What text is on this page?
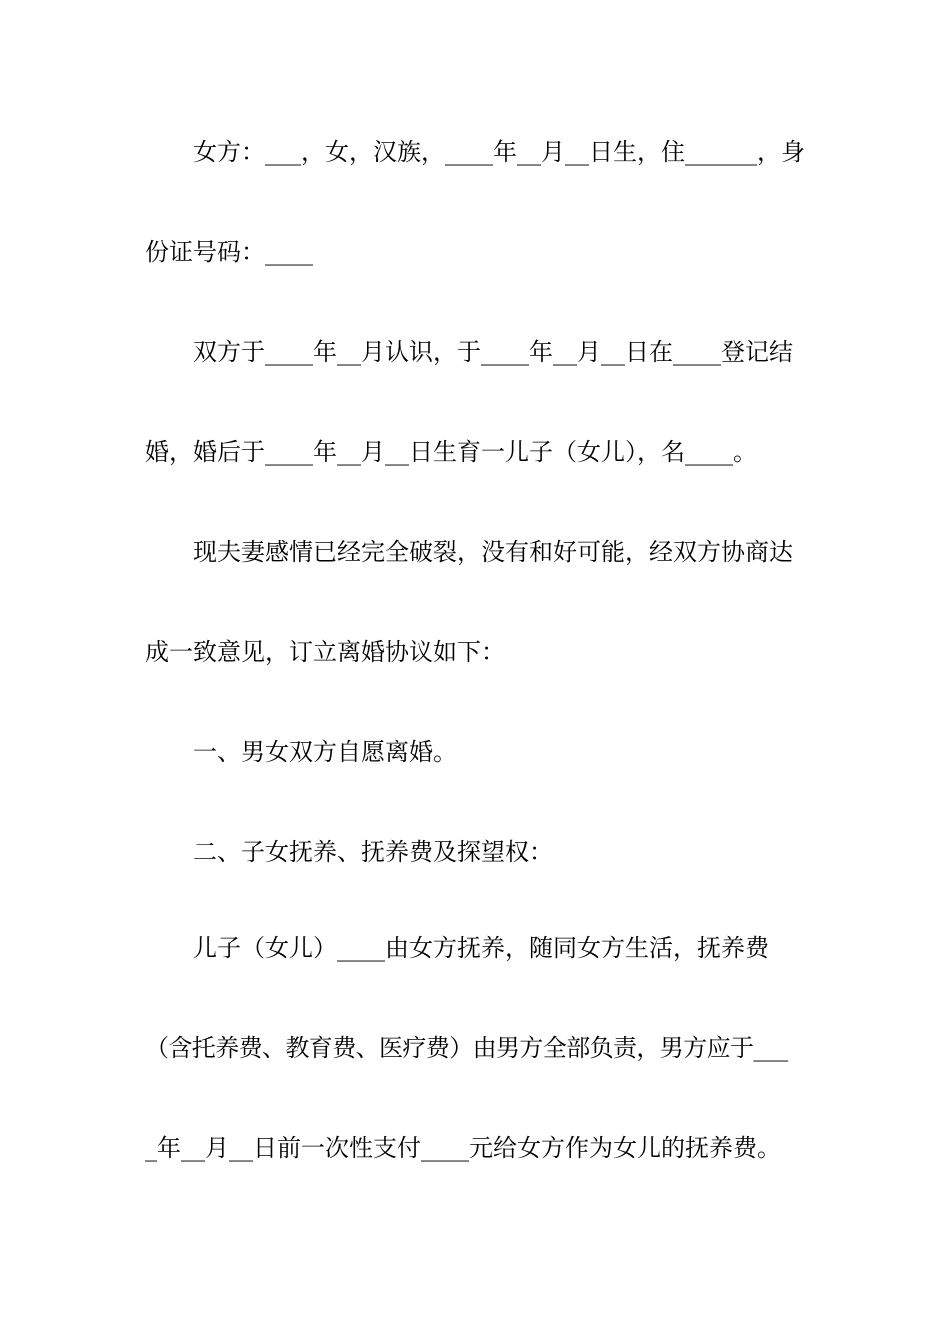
女方：___，女，汉族，____年__月__日生，住______，身

份证号码：____

双方于____年__月认识，于____年__月__日在____登记结

婚，婚后于____年__月__日生育一儿子（女儿），名____。

现夫妻感情已经完全破裂，没有和好可能，经双方协商达

成一致意见，订立离婚协议如下：

一、男女双方自愿离婚。

二、子女抚养、抚养费及探望权：

儿子（女儿）____由女方抚养，随同女方生活，抚养费

（含托养费、教育费、医疗费）由男方全部负责，男方应于___

_年__月__日前一次性支付____元给女方作为女儿的抚养费。
